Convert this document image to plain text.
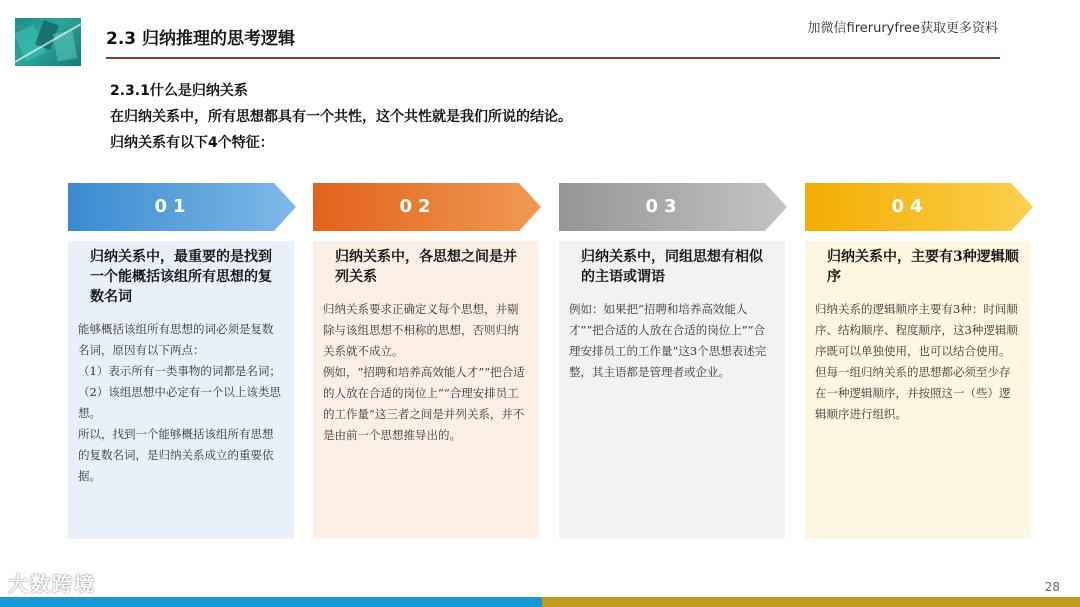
2.3 归纳推理的思考逻辑
加微信fireruryfree获取更多资料
2.3.1什么是归纳关系
在归纳关系中，所有思想都具有一个共性，这个共性就是我们所说的结论。
归纳关系有以下4个特征：
01	02	03	04
归纳关系中，最重要的是找到一个能概括该组所有思想的复数名词
能够概括该组所有思想的词必须是复数名词，原因有以下两点：
（1）表示所有一类事物的词都是名词；
（2）该组思想中必定有一个以上该类思想。
所以，找到一个能够概括该组所有思想的复数名词，是归纳关系成立的重要依据。
归纳关系中，各思想之间是并列关系
归纳关系要求正确定义每个思想，并剔除与该组思想不相称的思想，否则归纳关系就不成立。
例如，“招聘和培养高效能人才”“把合适的人放在合适的岗位上”“合理安排员工的工作量”这三者之间是并列关系，并不是由前一个思想推导出的。
归纳关系中，同组思想有相似的主语或谓语
例如：如果把“招聘和培养高效能人才”“把合适的人放在合适的岗位上”“合理安排员工的工作量”这3个思想表述完整，其主语都是管理者或企业。
归纳关系中，主要有3种逻辑顺序
归纳关系的逻辑顺序主要有3种：时间顺序、结构顺序、程度顺序，这3种逻辑顺序既可以单独使用，也可以结合使用。但每一组归纳关系的思想都必须至少存在一种逻辑顺序，并按照这一（些）逻辑顺序进行组织。
大数跨境	28
